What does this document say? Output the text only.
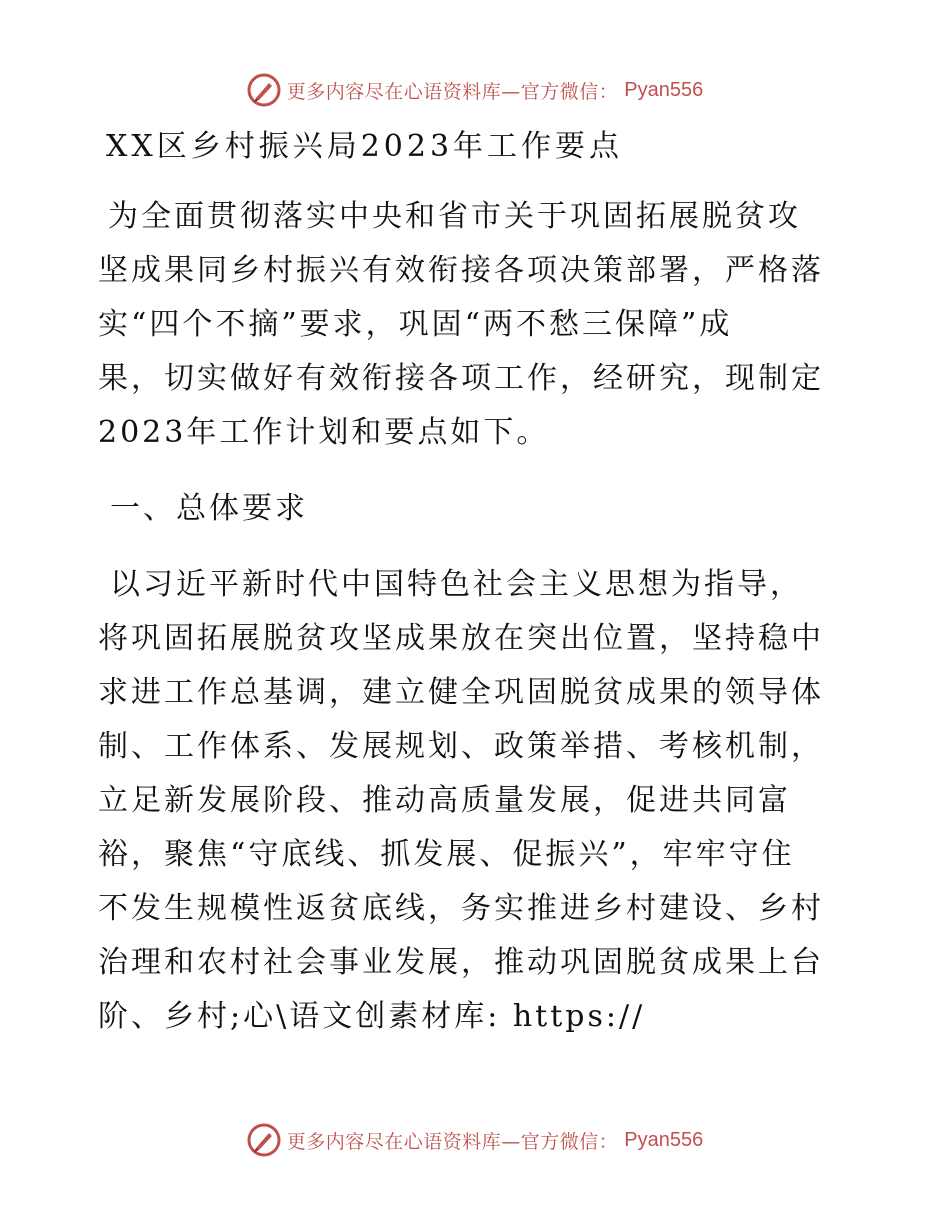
更多内容尽在心语资料库—官方微信： Pyan556
XX区乡村振兴局2023年工作要点
为全面贯彻落实中央和省市关于巩固拓展脱贫攻
坚成果同乡村振兴有效衔接各项决策部署，严格落
实“四个不摘”要求，巩固“两不愁三保障”成
果，切实做好有效衔接各项工作，经研究，现制定
2023年工作计划和要点如下。
一、总体要求
以习近平新时代中国特色社会主义思想为指导，
将巩固拓展脱贫攻坚成果放在突出位置，坚持稳中
求进工作总基调，建立健全巩固脱贫成果的领导体
制、工作体系、发展规划、政策举措、考核机制，
立足新发展阶段、推动高质量发展，促进共同富
裕，聚焦“守底线、抓发展、促振兴”，牢牢守住
不发生规模性返贫底线，务实推进乡村建设、乡村
治理和农村社会事业发展，推动巩固脱贫成果上台
阶、乡村;心\语文创素材库: https://
更多内容尽在心语资料库—官方微信： Pyan556
